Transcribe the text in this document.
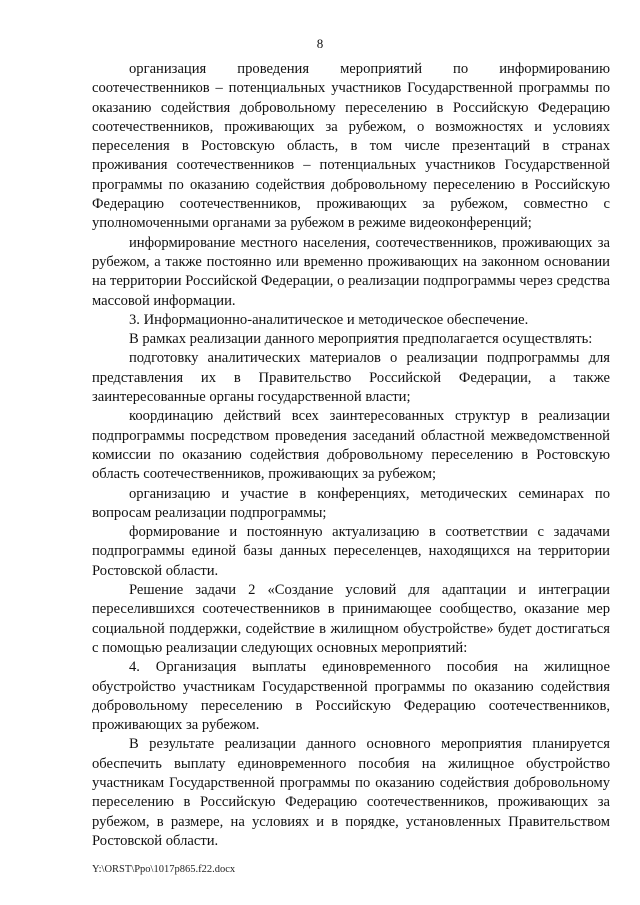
8

организация проведения мероприятий по информированию соотечественников – потенциальных участников Государственной программы по оказанию содействия добровольному переселению в Российскую Федерацию соотечественников, проживающих за рубежом, о возможностях и условиях переселения в Ростовскую область, в том числе презентаций в странах проживания соотечественников – потенциальных участников Государственной программы по оказанию содействия добровольному переселению в Российскую Федерацию соотечественников, проживающих за рубежом, совместно с уполномоченными органами за рубежом в режиме видеоконференций;

информирование местного населения, соотечественников, проживающих за рубежом, а также постоянно или временно проживающих на законном основании на территории Российской Федерации, о реализации подпрограммы через средства массовой информации.

3. Информационно-аналитическое и методическое обеспечение.

В рамках реализации данного мероприятия предполагается осуществлять:

подготовку аналитических материалов о реализации подпрограммы для представления их в Правительство Российской Федерации, а также заинтересованные органы государственной власти;

координацию действий всех заинтересованных структур в реализации подпрограммы посредством проведения заседаний областной межведомственной комиссии по оказанию содействия добровольному переселению в Ростовскую область соотечественников, проживающих за рубежом;

организацию и участие в конференциях, методических семинарах по вопросам реализации подпрограммы;

формирование и постоянную актуализацию в соответствии с задачами подпрограммы единой базы данных переселенцев, находящихся на территории Ростовской области.

Решение задачи 2 «Создание условий для адаптации и интеграции переселившихся соотечественников в принимающее сообщество, оказание мер социальной поддержки, содействие в жилищном обустройстве» будет достигаться с помощью реализации следующих основных мероприятий:

4. Организация выплаты единовременного пособия на жилищное обустройство участникам Государственной программы по оказанию содействия добровольному переселению в Российскую Федерацию соотечественников, проживающих за рубежом.

В результате реализации данного основного мероприятия планируется обеспечить выплату единовременного пособия на жилищное обустройство участникам Государственной программы по оказанию содействия добровольному переселению в Российскую Федерацию соотечественников, проживающих за рубежом, в размере, на условиях и в порядке, установленных Правительством Ростовской области.

Y:\ORST\Ppo\1017p865.f22.docx
